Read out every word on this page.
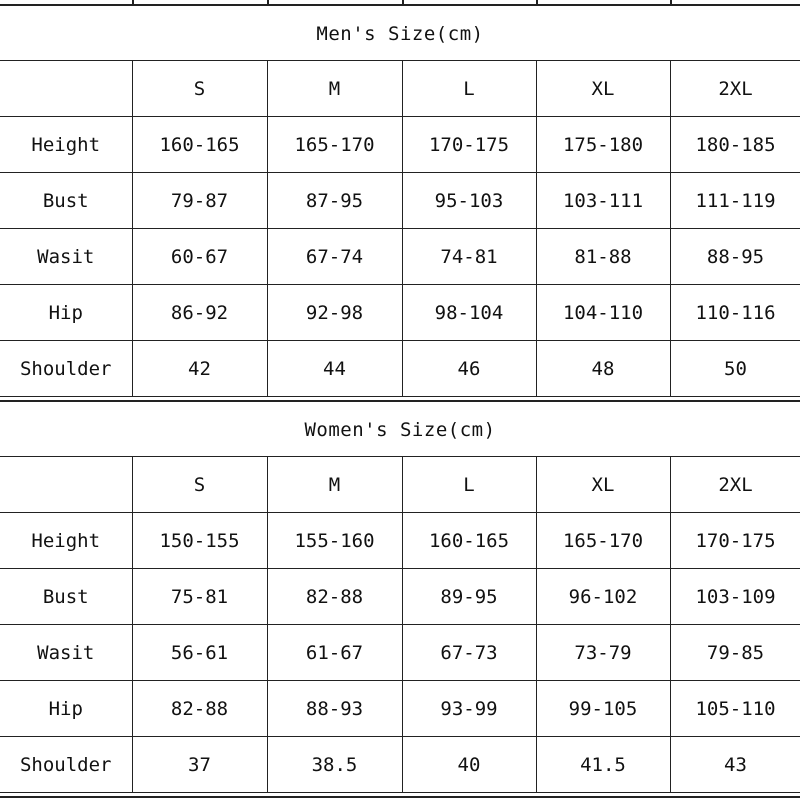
Men's Size(cm)
	S	M	L	XL	2XL
Height	160-165	165-170	170-175	175-180	180-185
Bust	79-87	87-95	95-103	103-111	111-119
Wasit	60-67	67-74	74-81	81-88	88-95
Hip	86-92	92-98	98-104	104-110	110-116
Shoulder	42	44	46	48	50
Women's Size(cm)
	S	M	L	XL	2XL
Height	150-155	155-160	160-165	165-170	170-175
Bust	75-81	82-88	89-95	96-102	103-109
Wasit	56-61	61-67	67-73	73-79	79-85
Hip	82-88	88-93	93-99	99-105	105-110
Shoulder	37	38.5	40	41.5	43
